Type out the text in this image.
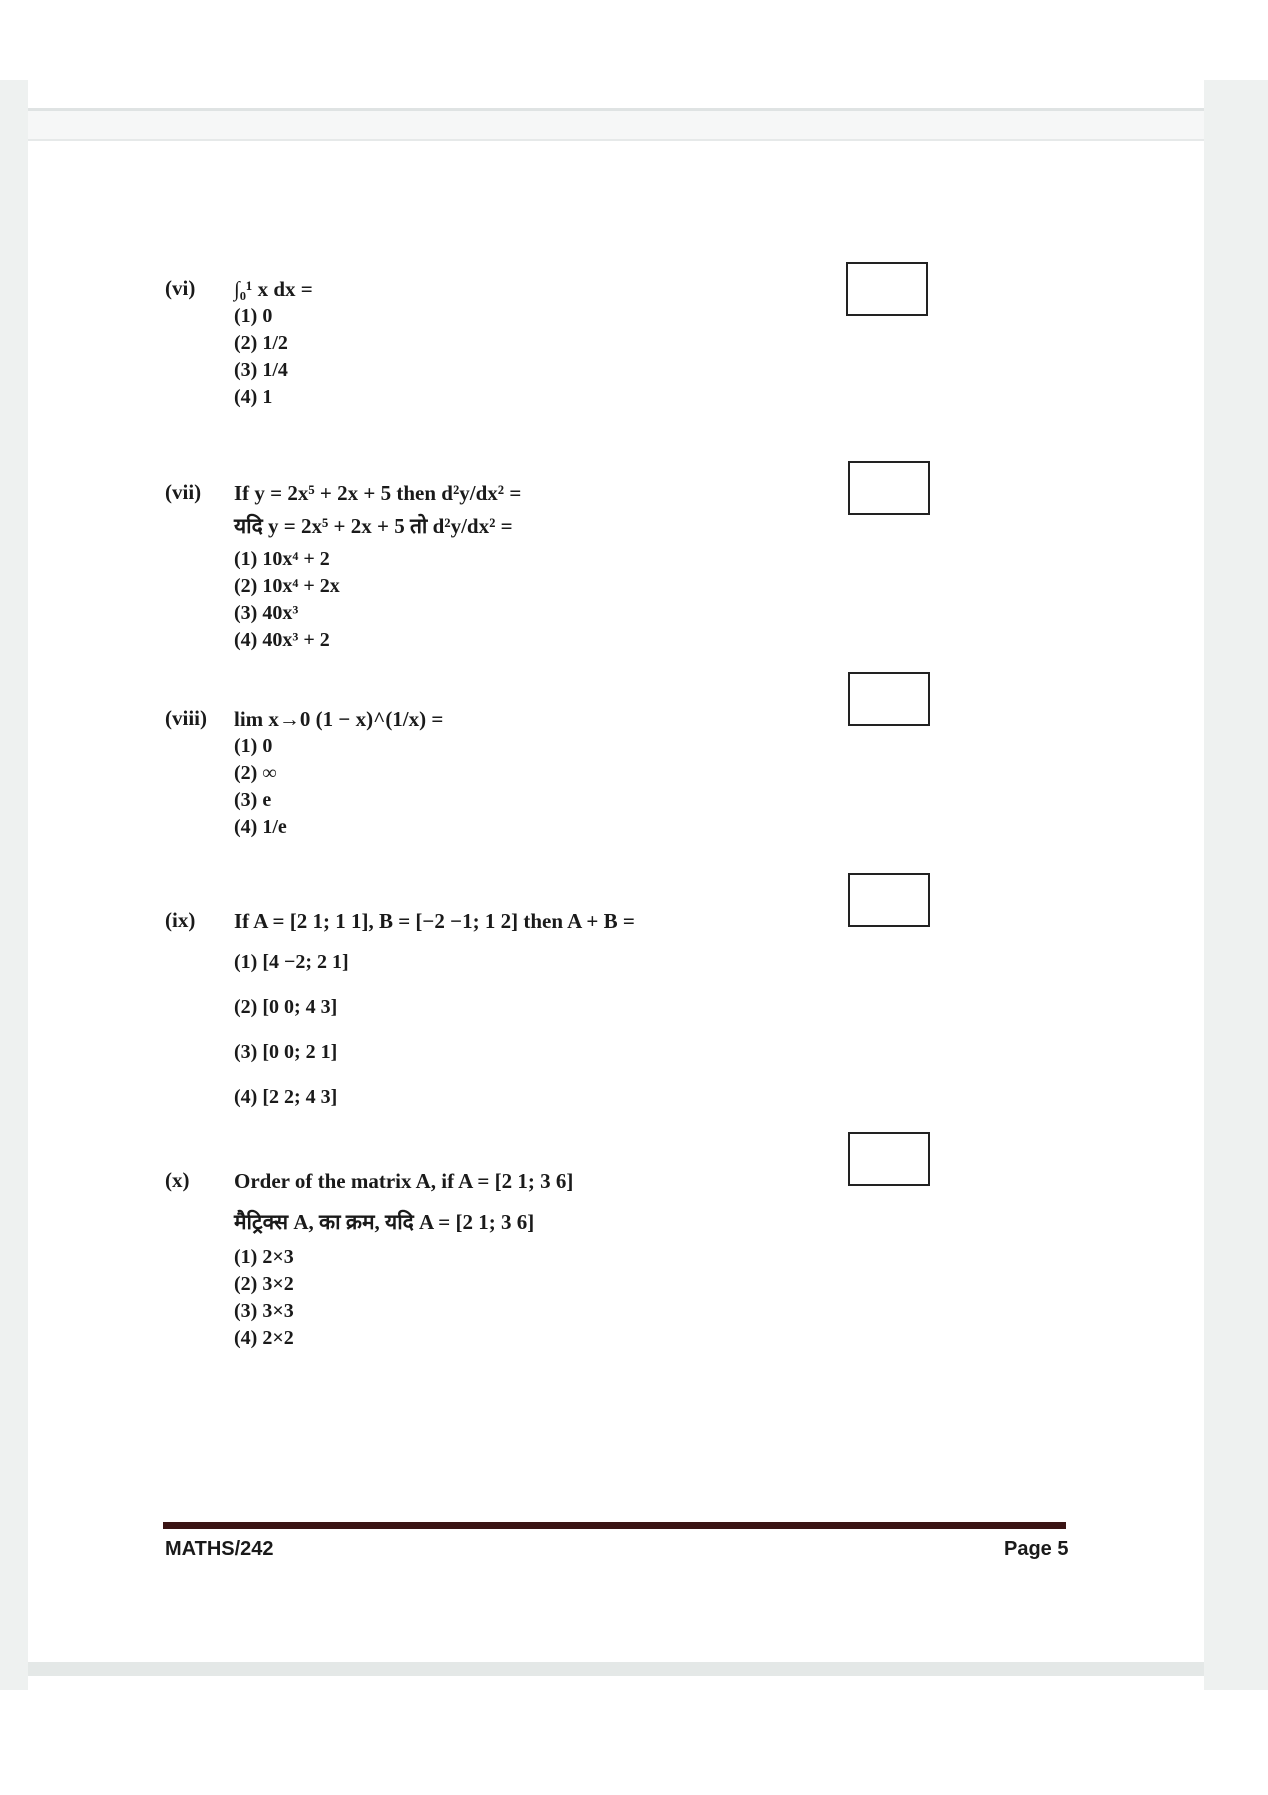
(vi) ∫₀¹ x dx =
(1) 0
(2) 1/2
(3) 1/4
(4) 1
(vii) If y = 2x⁵ + 2x + 5 then d²y/dx² =
यदि y = 2x⁵ + 2x + 5 तो d²y/dx² =
(1) 10x⁴ + 2
(2) 10x⁴ + 2x
(3) 40x³
(4) 40x³ + 2
(viii) lim x→0 (1 − x)^(1/x) =
(1) 0
(2) ∞
(3) e
(4) 1/e
(ix) If A = [2 1; 1 1], B = [−2 −1; 1 2] then A + B =
(1) [4 −2; 2 1]
(2) [0 0; 4 3]
(3) [0 0; 2 1]
(4) [2 2; 4 3]
(x) Order of the matrix A, if A = [2 1; 3 6]
मैट्रिक्स A, का क्रम, यदि A = [2 1; 3 6]
(1) 2×3
(2) 3×2
(3) 3×3
(4) 2×2
MATHS/242	Page 5
